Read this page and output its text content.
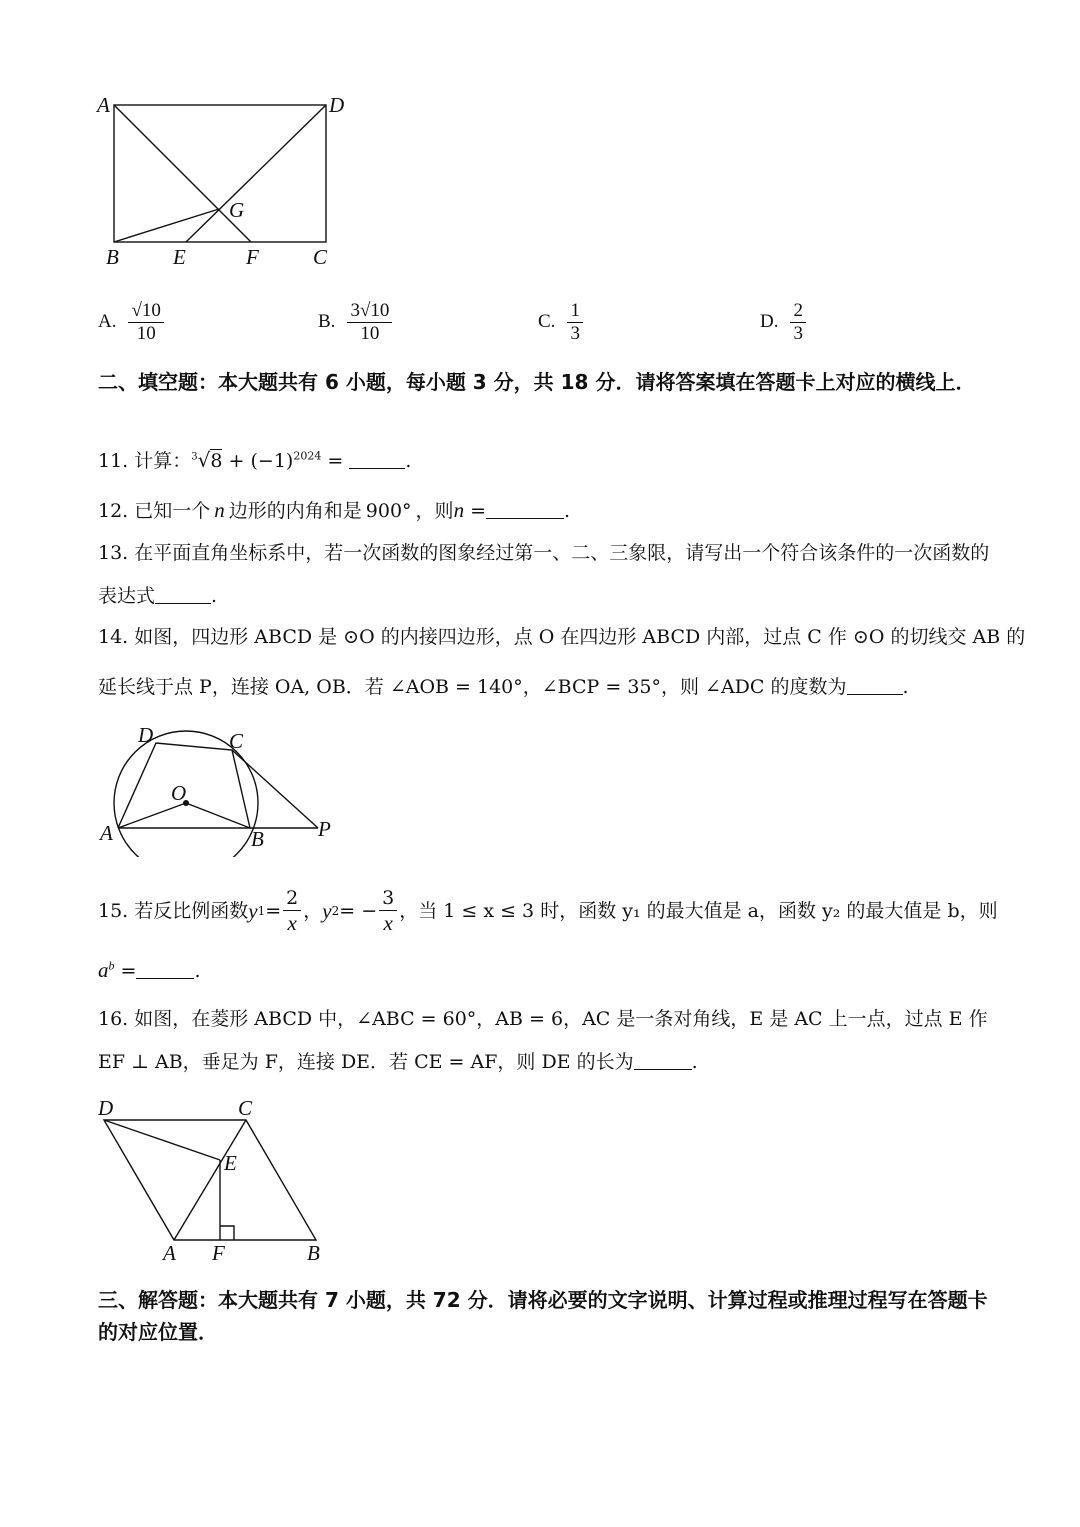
A	D
G
B	E	F	C
A. $\frac{√10}{10}$	B. $\frac{3√10}{10}$	C. $\frac{1}{3}$	D. $\frac{2}{3}$
二、填空题：本大题共有 6 小题，每小题 3 分，共 18 分．请将答案填在答题卡上对应的横线上．
11. 计算：$^3√8 + (-1)^{2024}$ =	.
12. 已知一个 n 边形的内角和是 900° ，则n =	.
13. 在平面直角坐标系中，若一次函数的图象经过第一、二、三象限，请写出一个符合该条件的一次函数的
表达式	.
14. 如图，四边形 ABCD 是 ⊙O 的内接四边形，点 O 在四边形 ABCD 内部，过点 C 作 ⊙O 的切线交 AB 的
延长线于点 P，连接 OA, OB．若 ∠AOB = 140°，∠BCP = 35°，则 ∠ADC 的度数为	.
D	C
O
A	B	P
15. 若反比例函数 y $1 = \frac{2}{x}$ ， y 2 = − $\frac{3}{x}$ ，当 1 ≤ x ≤ 3 时，函数 y₁ 的最大值是 a，函数 y₂ 的最大值是 b，则
$a^b$ =	.
16. 如图，在菱形 ABCD 中，∠ABC = 60°，AB = 6，AC 是一条对角线，E 是 AC 上一点，过点 E 作
EF ⊥ AB，垂足为 F，连接 DE．若 CE = AF，则 DE 的长为	.
D	C
E
A F	B
三、解答题：本大题共有 7 小题，共 72 分．请将必要的文字说明、计算过程或推理过程写在答题卡的对应位置．
